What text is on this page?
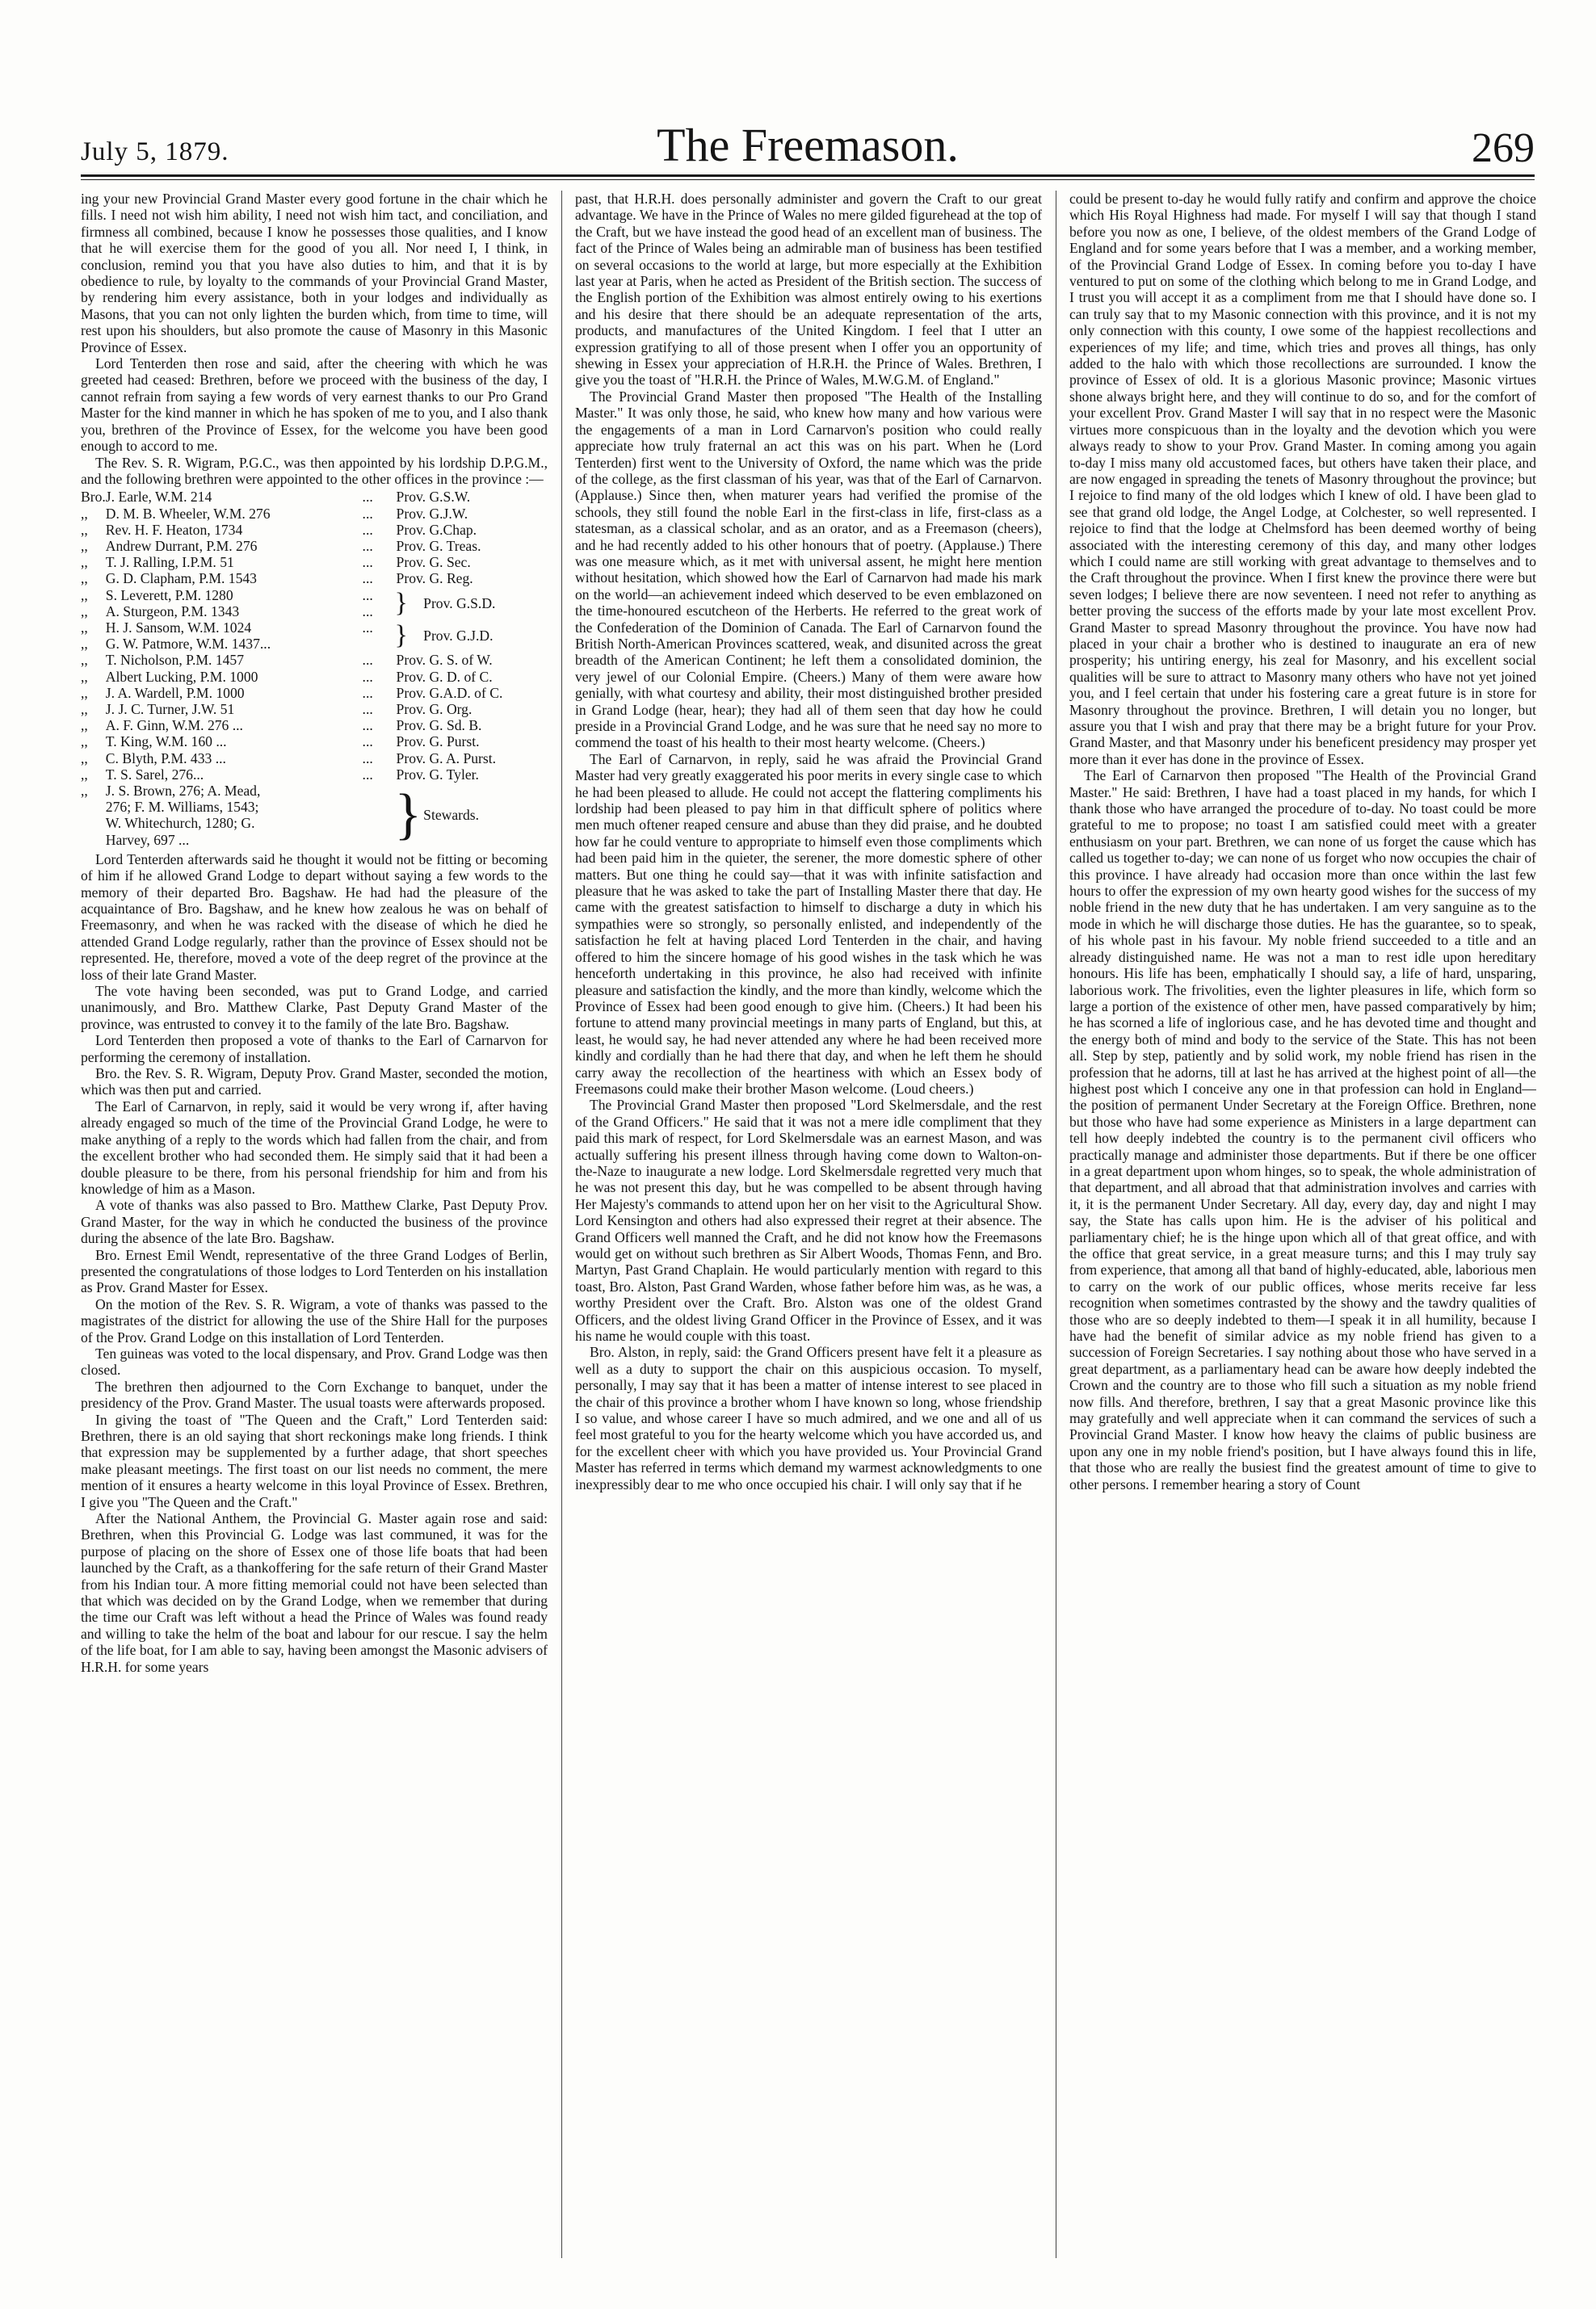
July 5, 1879.	The Freemason.	269

ing your new Provincial Grand Master every good fortune in the chair which he fills. I need not wish him ability, I need not wish him tact, and conciliation, and firmness all combined, because I know he possesses those qualities, and I know that he will exercise them for the good of you all. Nor need I, I think, in conclusion, remind you that you have also duties to him, and that it is by obedience to rule, by loyalty to the commands of your Provincial Grand Master, by rendering him every assistance, both in your lodges and individually as Masons, that you can not only lighten the burden which, from time to time, will rest upon his shoulders, but also promote the cause of Masonry in this Masonic Province of Essex.

Lord Tenterden then rose and said, after the cheering with which he was greeted had ceased: Brethren, before we proceed with the business of the day, I cannot refrain from saying a few words of very earnest thanks to our Pro Grand Master for the kind manner in which he has spoken of me to you, and I also thank you, brethren of the Province of Essex, for the welcome you have been good enough to accord to me.

The Rev. S. R. Wigram, P.G.C., was then appointed by his lordship D.P.G.M., and the following brethren were appointed to the other offices in the province :—

Bro.	J. Earle, W.M. 214	...	Prov. G.S.W.	
,,	D. M. B. Wheeler, W.M. 276	...	Prov. G.J.W.	
,,	Rev. H. F. Heaton, 1734	...	Prov. G.Chap.	
,,	Andrew Durrant, P.M. 276	...	Prov. G. Treas.	
,,	T. J. Ralling, I.P.M. 51	...	Prov. G. Sec.	
,,	G. D. Clapham, P.M. 1543	...	Prov. G. Reg.	
,,	S. Leverett, P.M. 1280	...	}	Prov. G.S.D.
,,	A. Sturgeon, P.M. 1343	...		
,,	H. J. Sansom, W.M. 1024	...	}	Prov. G.J.D.
,,	G. W. Patmore, W.M. 1437...			
,,	T. Nicholson, P.M. 1457	...	Prov. G. S. of W.	
,,	Albert Lucking, P.M. 1000	...	Prov. G. D. of C.	
,,	J. A. Wardell, P.M. 1000	...	Prov. G.A.D. of C.	
,,	J. J. C. Turner, J.W. 51	...	Prov. G. Org.	
,,	A. F. Ginn, W.M. 276 ...	...	Prov. G. Sd. B.	
,,	T. King, W.M. 160 ...	...	Prov. G. Purst.	
,,	C. Blyth, P.M. 433 ...	...	Prov. G. A. Purst.	
,,	T. S. Sarel, 276...	...	Prov. G. Tyler.	
,,	J. S. Brown, 276; A. Mead,		}	Stewards.
	276; F. M. Williams, 1543;			
	W. Whitechurch, 1280; G.			
	Harvey, 697 ...			

Lord Tenterden afterwards said he thought it would not be fitting or becoming of him if he allowed Grand Lodge to depart without saying a few words to the memory of their departed Bro. Bagshaw. He had had the pleasure of the acquaintance of Bro. Bagshaw, and he knew how zealous he was on behalf of Freemasonry, and when he was racked with the disease of which he died he attended Grand Lodge regularly, rather than the province of Essex should not be represented. He, therefore, moved a vote of the deep regret of the province at the loss of their late Grand Master.

The vote having been seconded, was put to Grand Lodge, and carried unanimously, and Bro. Matthew Clarke, Past Deputy Grand Master of the province, was entrusted to convey it to the family of the late Bro. Bagshaw.

Lord Tenterden then proposed a vote of thanks to the Earl of Carnarvon for performing the ceremony of installation.

Bro. the Rev. S. R. Wigram, Deputy Prov. Grand Master, seconded the motion, which was then put and carried.

The Earl of Carnarvon, in reply, said it would be very wrong if, after having already engaged so much of the time of the Provincial Grand Lodge, he were to make anything of a reply to the words which had fallen from the chair, and from the excellent brother who had seconded them. He simply said that it had been a double pleasure to be there, from his personal friendship for him and from his knowledge of him as a Mason.

A vote of thanks was also passed to Bro. Matthew Clarke, Past Deputy Prov. Grand Master, for the way in which he conducted the business of the province during the absence of the late Bro. Bagshaw.

Bro. Ernest Emil Wendt, representative of the three Grand Lodges of Berlin, presented the congratulations of those lodges to Lord Tenterden on his installation as Prov. Grand Master for Essex.

On the motion of the Rev. S. R. Wigram, a vote of thanks was passed to the magistrates of the district for allowing the use of the Shire Hall for the purposes of the Prov. Grand Lodge on this installation of Lord Tenterden.

Ten guineas was voted to the local dispensary, and Prov. Grand Lodge was then closed.

The brethren then adjourned to the Corn Exchange to banquet, under the presidency of the Prov. Grand Master. The usual toasts were afterwards proposed.

In giving the toast of "The Queen and the Craft," Lord Tenterden said: Brethren, there is an old saying that short reckonings make long friends. I think that expression may be supplemented by a further adage, that short speeches make pleasant meetings. The first toast on our list needs no comment, the mere mention of it ensures a hearty welcome in this loyal Province of Essex. Brethren, I give you "The Queen and the Craft."

After the National Anthem, the Provincial G. Master again rose and said: Brethren, when this Provincial G. Lodge was last communed, it was for the purpose of placing on the shore of Essex one of those life boats that had been launched by the Craft, as a thankoffering for the safe return of their Grand Master from his Indian tour. A more fitting memorial could not have been selected than that which was decided on by the Grand Lodge, when we remember that during the time our Craft was left without a head the Prince of Wales was found ready and willing to take the helm of the boat and labour for our rescue. I say the helm of the life boat, for I am able to say, having been amongst the Masonic advisers of H.R.H. for some years

past, that H.R.H. does personally administer and govern the Craft to our great advantage. We have in the Prince of Wales no mere gilded figurehead at the top of the Craft, but we have instead the good head of an excellent man of business. The fact of the Prince of Wales being an admirable man of business has been testified on several occasions to the world at large, but more especially at the Exhibition last year at Paris, when he acted as President of the British section. The success of the English portion of the Exhibition was almost entirely owing to his exertions and his desire that there should be an adequate representation of the arts, products, and manufactures of the United Kingdom. I feel that I utter an expression gratifying to all of those present when I offer you an opportunity of shewing in Essex your appreciation of H.R.H. the Prince of Wales. Brethren, I give you the toast of "H.R.H. the Prince of Wales, M.W.G.M. of England."

The Provincial Grand Master then proposed "The Health of the Installing Master." It was only those, he said, who knew how many and how various were the engagements of a man in Lord Carnarvon's position who could really appreciate how truly fraternal an act this was on his part. When he (Lord Tenterden) first went to the University of Oxford, the name which was the pride of the college, as the first classman of his year, was that of the Earl of Carnarvon. (Applause.) Since then, when maturer years had verified the promise of the schools, they still found the noble Earl in the first-class in life, first-class as a statesman, as a classical scholar, and as an orator, and as a Freemason (cheers), and he had recently added to his other honours that of poetry. (Applause.) There was one measure which, as it met with universal assent, he might here mention without hesitation, which showed how the Earl of Carnarvon had made his mark on the world—an achievement indeed which deserved to be even emblazoned on the time-honoured escutcheon of the Herberts. He referred to the great work of the Confederation of the Dominion of Canada. The Earl of Carnarvon found the British North-American Provinces scattered, weak, and disunited across the great breadth of the American Continent; he left them a consolidated dominion, the very jewel of our Colonial Empire. (Cheers.) Many of them were aware how genially, with what courtesy and ability, their most distinguished brother presided in Grand Lodge (hear, hear); they had all of them seen that day how he could preside in a Provincial Grand Lodge, and he was sure that he need say no more to commend the toast of his health to their most hearty welcome. (Cheers.)

The Earl of Carnarvon, in reply, said he was afraid the Provincial Grand Master had very greatly exaggerated his poor merits in every single case to which he had been pleased to allude. He could not accept the flattering compliments his lordship had been pleased to pay him in that difficult sphere of politics where men much oftener reaped censure and abuse than they did praise, and he doubted how far he could venture to appropriate to himself even those compliments which had been paid him in the quieter, the serener, the more domestic sphere of other matters. But one thing he could say—that it was with infinite satisfaction and pleasure that he was asked to take the part of Installing Master there that day. He came with the greatest satisfaction to himself to discharge a duty in which his sympathies were so strongly, so personally enlisted, and independently of the satisfaction he felt at having placed Lord Tenterden in the chair, and having offered to him the sincere homage of his good wishes in the task which he was henceforth undertaking in this province, he also had received with infinite pleasure and satisfaction the kindly, and the more than kindly, welcome which the Province of Essex had been good enough to give him. (Cheers.) It had been his fortune to attend many provincial meetings in many parts of England, but this, at least, he would say, he had never attended any where he had been received more kindly and cordially than he had there that day, and when he left them he should carry away the recollection of the heartiness with which an Essex body of Freemasons could make their brother Mason welcome. (Loud cheers.)

The Provincial Grand Master then proposed "Lord Skelmersdale, and the rest of the Grand Officers." He said that it was not a mere idle compliment that they paid this mark of respect, for Lord Skelmersdale was an earnest Mason, and was actually suffering his present illness through having come down to Walton-on-the-Naze to inaugurate a new lodge. Lord Skelmersdale regretted very much that he was not present this day, but he was compelled to be absent through having Her Majesty's commands to attend upon her on her visit to the Agricultural Show. Lord Kensington and others had also expressed their regret at their absence. The Grand Officers well manned the Craft, and he did not know how the Freemasons would get on without such brethren as Sir Albert Woods, Thomas Fenn, and Bro. Martyn, Past Grand Chaplain. He would particularly mention with regard to this toast, Bro. Alston, Past Grand Warden, whose father before him was, as he was, a worthy President over the Craft. Bro. Alston was one of the oldest Grand Officers, and the oldest living Grand Officer in the Province of Essex, and it was his name he would couple with this toast.

Bro. Alston, in reply, said: the Grand Officers present have felt it a pleasure as well as a duty to support the chair on this auspicious occasion. To myself, personally, I may say that it has been a matter of intense interest to see placed in the chair of this province a brother whom I have known so long, whose friendship I so value, and whose career I have so much admired, and we one and all of us feel most grateful to you for the hearty welcome which you have accorded us, and for the excellent cheer with which you have provided us. Your Provincial Grand Master has referred in terms which demand my warmest acknowledgments to one inexpressibly dear to me who once occupied his chair. I will only say that if he

could be present to-day he would fully ratify and confirm and approve the choice which His Royal Highness had made. For myself I will say that though I stand before you now as one, I believe, of the oldest members of the Grand Lodge of England and for some years before that I was a member, and a working member, of the Provincial Grand Lodge of Essex. In coming before you to-day I have ventured to put on some of the clothing which belong to me in Grand Lodge, and I trust you will accept it as a compliment from me that I should have done so. I can truly say that to my Masonic connection with this province, and it is not my only connection with this county, I owe some of the happiest recollections and experiences of my life; and time, which tries and proves all things, has only added to the halo with which those recollections are surrounded. I know the province of Essex of old. It is a glorious Masonic province; Masonic virtues shone always bright here, and they will continue to do so, and for the comfort of your excellent Prov. Grand Master I will say that in no respect were the Masonic virtues more conspicuous than in the loyalty and the devotion which you were always ready to show to your Prov. Grand Master. In coming among you again to-day I miss many old accustomed faces, but others have taken their place, and are now engaged in spreading the tenets of Masonry throughout the province; but I rejoice to find many of the old lodges which I knew of old. I have been glad to see that grand old lodge, the Angel Lodge, at Colchester, so well represented. I rejoice to find that the lodge at Chelmsford has been deemed worthy of being associated with the interesting ceremony of this day, and many other lodges which I could name are still working with great advantage to themselves and to the Craft throughout the province. When I first knew the province there were but seven lodges; I believe there are now seventeen. I need not refer to anything as better proving the success of the efforts made by your late most excellent Prov. Grand Master to spread Masonry throughout the province. You have now had placed in your chair a brother who is destined to inaugurate an era of new prosperity; his untiring energy, his zeal for Masonry, and his excellent social qualities will be sure to attract to Masonry many others who have not yet joined you, and I feel certain that under his fostering care a great future is in store for Masonry throughout the province. Brethren, I will detain you no longer, but assure you that I wish and pray that there may be a bright future for your Prov. Grand Master, and that Masonry under his beneficent presidency may prosper yet more than it ever has done in the province of Essex.

The Earl of Carnarvon then proposed "The Health of the Provincial Grand Master." He said: Brethren, I have had a toast placed in my hands, for which I thank those who have arranged the procedure of to-day. No toast could be more grateful to me to propose; no toast I am satisfied could meet with a greater enthusiasm on your part. Brethren, we can none of us forget the cause which has called us together to-day; we can none of us forget who now occupies the chair of this province. I have already had occasion more than once within the last few hours to offer the expression of my own hearty good wishes for the success of my noble friend in the new duty that he has undertaken. I am very sanguine as to the mode in which he will discharge those duties. He has the guarantee, so to speak, of his whole past in his favour. My noble friend succeeded to a title and an already distinguished name. He was not a man to rest idle upon hereditary honours. His life has been, emphatically I should say, a life of hard, unsparing, laborious work. The frivolities, even the lighter pleasures in life, which form so large a portion of the existence of other men, have passed comparatively by him; he has scorned a life of inglorious case, and he has devoted time and thought and the energy both of mind and body to the service of the State. This has not been all. Step by step, patiently and by solid work, my noble friend has risen in the profession that he adorns, till at last he has arrived at the highest point of all—the highest post which I conceive any one in that profession can hold in England—the position of permanent Under Secretary at the Foreign Office. Brethren, none but those who have had some experience as Ministers in a large department can tell how deeply indebted the country is to the permanent civil officers who practically manage and administer those departments. But if there be one officer in a great department upon whom hinges, so to speak, the whole administration of that department, and all abroad that that administration involves and carries with it, it is the permanent Under Secretary. All day, every day, day and night I may say, the State has calls upon him. He is the adviser of his political and parliamentary chief; he is the hinge upon which all of that great office, and with the office that great service, in a great measure turns; and this I may truly say from experience, that among all that band of highly-educated, able, laborious men to carry on the work of our public offices, whose merits receive far less recognition when sometimes contrasted by the showy and the tawdry qualities of those who are so deeply indebted to them—I speak it in all humility, because I have had the benefit of similar advice as my noble friend has given to a succession of Foreign Secretaries. I say nothing about those who have served in a great department, as a parliamentary head can be aware how deeply indebted the Crown and the country are to those who fill such a situation as my noble friend now fills. And therefore, brethren, I say that a great Masonic province like this may gratefully and well appreciate when it can command the services of such a Provincial Grand Master. I know how heavy the claims of public business are upon any one in my noble friend's position, but I have always found this in life, that those who are really the busiest find the greatest amount of time to give to other persons. I remember hearing a story of Count
